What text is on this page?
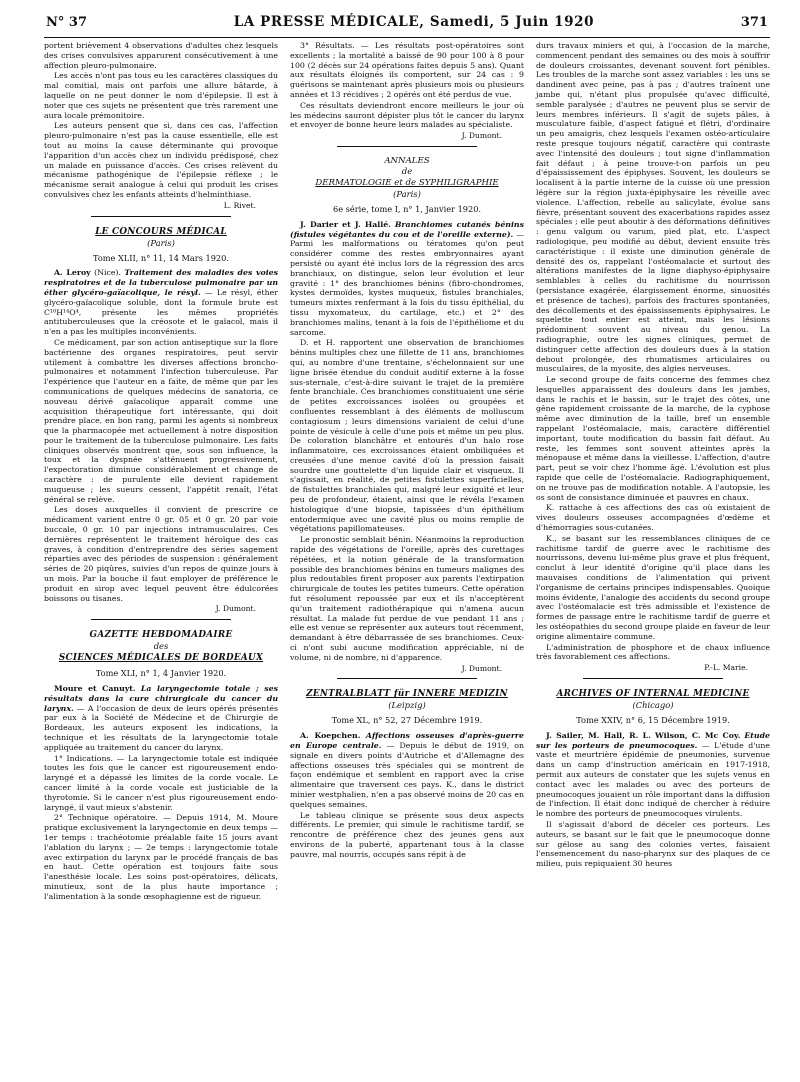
N° 37	LA PRESSE MÉDICALE, Samedi, 5 Juin 1920	371

portent brièvement 4 observations d'adultes chez lesquels des crises convulsives apparurent consécutivement à une affection pleuro-pulmonaire.

Les accès n'ont pas tous eu les caractères classiques du mal comitial, mais ont parfois une allure bâtarde, à laquelle on ne peut donner le nom d'épilepsie. Il est à noter que ces sujets ne présentent que très rarement une aura locale prémonitoire.

Les auteurs pensent que si, dans ces cas, l'affection pleuro-pulmonaire n'est pas la cause essentielle, elle est tout au moins la cause déterminante qui provoque l'apparition d'un accès chez un individu prédisposé, chez un malade en puissance d'accès. Ces crises relèvent du mécanisme pathogénique de l'épilepsie réflexe ; le mécanisme serait analogue à celui qui produit les crises convulsives chez les enfants atteints d'helminthiase.

L. Rivet.
LE CONCOURS MÉDICAL
(Paris)
Tome XLII, n° 11, 14 Mars 1920.

A. Leroy (Nice). Traitement des maladies des voies respiratoires et de la tuberculose pulmonaire par un éther glycéro-gaïacolique, le résyl. — Le résyl, éther glycéro-gaïacolique soluble, dont la formule brute est C¹⁰H¹⁴O⁴, présente les mêmes propriétés antituberculeuses que la créosote et le gaïacol, mais il n'en a pas les multiples inconvénients.

Ce médicament, par son action antiseptique sur la flore bactérienne des organes respiratoires, peut servir utilement à combattre les diverses affections broncho-pulmonaires et notamment l'infection tuberculeuse. Par l'expérience que l'auteur en a faite, de même que par les communications de quelques médecins de sanatoria, ce nouveau dérivé gaïacolique apparaît comme une acquisition thérapeutique fort intéressante, qui doit prendre place, en bon rang, parmi les agents si nombreux que la pharmacopée met actuellement à notre disposition pour le traitement de la tuberculose pulmonaire. Les faits cliniques observés montrent que, sous son influence, la toux et la dyspnée s'atténuent progressivement, l'expectoration diminue considérablement et change de caractère : de purulente elle devient rapidement muqueuse ; les sueurs cessent, l'appétit renaît, l'état général se relève.

Les doses auxquelles il convient de prescrire ce médicament varient entre 0 gr. 05 et 0 gr. 20 par voie buccale, 0 gr. 10 par injections intramusculaires. Ces dernières représentent le traitement héroïque des cas graves, à condition d'entreprendre des séries sagement réparties avec des périodes de suspension : généralement séries de 20 piqûres, suivies d'un repos de quinze jours à un mois. Par la bouche il faut employer de préférence le produit en sirop avec lequel peuvent être édulcorées boissons ou tisanes.

J. Dumont.
GAZETTE HEBDOMADAIRE
des
SCIENCES MÉDICALES DE BORDEAUX
Tome XLI, n° 1, 4 Janvier 1920.

Moure et Canuyt. La laryngectomie totale ; ses résultats dans la cure chirurgicale du cancer du larynx. — A l'occasion de deux de leurs opérés présentés par eux à la Société de Médecine et de Chirurgie de Bordeaux, les auteurs exposent les indications, la technique et les résultats de la laryngectomie totale appliquée au traitement du cancer du larynx.

1° Indications. — La laryngectomie totale est indiquée toutes les fois que le cancer est rigoureusement endo-laryngé et a dépassé les limites de la corde vocale. Le cancer limité à la corde vocale est justiciable de la thyrotomie. Si le cancer n'est plus rigoureusement endo-laryngé, il vaut mieux s'abstenir.

2° Technique opératoire. — Depuis 1914, M. Moure pratique exclusivement la laryngectomie en deux temps — 1er temps : trachéotomie préalable faite 15 jours avant l'ablation du larynx ; — 2e temps : laryngectomie totale avec extirpation du larynx par le procédé français de bas en haut. Cette opération est toujours faite sous l'anesthésie locale. Les soins post-opératoires, délicats, minutieux, sont de la plus haute importance ; l'alimentation à la sonde œsophagienne est de rigueur.

3° Résultats. — Les résultats post-opératoires sont excellents ; la mortalité a baissé de 90 pour 100 à 8 pour 100 (2 décès sur 24 opérations faites depuis 5 ans). Quant aux résultats éloignés ils comportent, sur 24 cas : 9 guérisons se maintenant après plusieurs mois ou plusieurs années et 13 récidives ; 2 opérés ont été perdus de vue.

Ces résultats deviendront encore meilleurs le jour où les médecins sauront dépister plus tôt le cancer du larynx et envoyer de bonne heure leurs malades au spécialiste.

J. Dumont.
ANNALES
de
DERMATOLOGIE et de SYPHILIGRAPHIE
(Paris)
6e série, tome I, n° 1, Janvier 1920.

J. Darier et J. Hallé. Branchiomes cutanés bénins (fistules végétantes du cou et de l'oreille externe). — Parmi les malformations ou tératomes qu'on peut considérer comme des restes embryonnaires ayant persisté ou ayant été inclus lors de la régression des arcs branchiaux, on distingue, selon leur évolution et leur gravité : 1° des branchiomes bénins (fibro-chondromes, kystes dermoïdes, kystes muqueux, fistules branchiales, tumeurs mixtes renfermant à la fois du tissu épithélial, du tissu myxomateux, du cartilage, etc.) et 2° des branchiomes malins, tenant à la fois de l'épithéliome et du sarcome.

D. et H. rapportent une observation de branchiomes bénins multiples chez une fillette de 11 ans, branchiomes qui, au nombre d'une trentaine, s'échelonnaient sur une ligne brisée étendue du conduit auditif externe à la fosse sus-sternale, c'est-à-dire suivant le trajet de la première fente branchiale. Ces branchiomes constituaient une série de petites excroissances isolées ou groupées et confluentes ressemblant à des éléments de molluscum contagiosum ; leurs dimensions variaient de celui d'une pointe de vésicule à celle d'une pois et même un peu plus. De coloration blanchâtre et entourés d'un halo rose inflammatoire, ces excroissances étaient ombiliquées et creusées d'une menue cavité d'où la pression faisait sourdre une gouttelette d'un liquide clair et visqueux. Il s'agissait, en réalité, de petites fistulettes superficielles, de fistulettes branchiales qui, malgré leur exiguïté et leur peu de profondeur, étaient, ainsi que le révéla l'examen histologique d'une biopsie, tapissées d'un épithélium entodermique avec une cavité plus ou moins remplie de végétations papillomateuses.

Le pronostic semblait bénin. Néanmoins la reproduction rapide des végétations de l'oreille, après des curettages répétées, et la notion générale de la transformation possible des branchiomes bénins en tumeurs malignes des plus redoutables firent proposer aux parents l'extirpation chirurgicale de toutes les petites tumeurs. Cette opération fut résolument repoussée par eux et ils n'acceptèrent qu'un traitement radiothérapique qui n'amena aucun résultat. La malade fut perdue de vue pendant 11 ans ; elle est venue se représenter aux auteurs tout récemment, demandant à être débarrassée de ses branchiomes. Ceux-ci n'ont subi aucune modification appréciable, ni de volume, ni de nombre, ni d'apparence.

J. Dumont.
ZENTRALBLATT für INNERE MEDIZIN
(Leipzig)
Tome XL, n° 52, 27 Décembre 1919.

A. Koepchen. Affections osseuses d'après-guerre en Europe centrale. — Depuis le début de 1919, on signale en divers points d'Autriche et d'Allemagne des affections osseuses très spéciales qui se montrent de façon endémique et semblent en rapport avec la crise alimentaire que traversent ces pays. K., dans le district minier westphalien, n'en a pas observé moins de 20 cas en quelques semaines.

Le tableau clinique se présente sous deux aspects différents. Le premier, qui simule le rachitisme tardif, se rencontre de préférence chez des jeunes gens aux environs de la puberté, appartenant tous à la classe pauvre, mal nourris, occupés sans répit à de

durs travaux miniers et qui, à l'occasion de la marche, commencent pendant des semaines ou des mois à souffrir de douleurs croissantes, devenant souvent fort pénibles. Les troubles de la marche sont assez variables : les uns se dandinent avec peine, pas à pas ; d'autres traînent une jambe qui, n'étant plus propulsée qu'avec difficulté, semble paralysée ; d'autres ne peuvent plus se servir de leurs membres inférieurs. Il s'agit de sujets pâles, à musculature faible, d'aspect fatigué et flétri, d'ordinaire un peu amaigris, chez lesquels l'examen ostéo-articulaire reste presque toujours négatif, caractère qui contraste avec l'intensité des douleurs ; tout signe d'inflammation fait défaut ; à peine trouve-t-on parfois un peu d'épaississement des épiphyses. Souvent, les douleurs se localisent à la partie interne de la cuisse où une pression légère sur la région juxta-épiphysaire les réveille avec violence. L'affection, rebelle au salicylate, évolue sans fièvre, présentant souvent des exacerbations rapides assez spéciales ; elle peut aboutir à des déformations définitives : genu valgum ou varum, pied plat, etc. L'aspect radiologique, peu modifié au début, devient ensuite très caractéristique : il existe une diminution générale de densité des os, rappelant l'ostéomalacie et surtout des altérations manifestes de la ligne diaphyso-épiphysaire semblables à celles du rachitisme du nourrisson (persistance exagérée, élargissement énorme, sinuosités et présence de taches), parfois des fractures spontanées, des décollements et des épaississements épiphysaires. Le squelette tout entier est atteint, mais les lésions prédominent souvent au niveau du genou. La radiographie, outre les signes cliniques, permet de distinguer cette affection des douleurs dues à la station debout prolongée, des rhumatismes articulaires ou musculaires, de la myosite, des algies nerveuses.

Le second groupe de faits concerne des femmes chez lesquelles apparaissent des douleurs dans les jambes, dans le rachis et le bassin, sur le trajet des côtes, une gêne rapidement croissante de la marche, de la cyphose même avec diminution de la taille, bref un ensemble rappelant l'ostéomalacie, mais, caractère différentiel important, toute modification du bassin fait défaut. Au reste, les femmes sont souvent atteintes après la ménopause et même dans la vieillesse. L'affection, d'autre part, peut se voir chez l'homme âgé. L'évolution est plus rapide que celle de l'ostéomalacie. Radiographiquement, on ne trouve pas de modification notable. A l'autopsie, les os sont de consistance diminuée et pauvres en chaux.

K. rattache à ces affections des cas où existaient de vives douleurs osseuses accompagnées d'œdème et d'hémorragies sous-cutanées.

K., se basant sur les ressemblances cliniques de ce rachitisme tardif de guerre avec le rachitisme des nourrissons, devenu lui-même plus grave et plus fréquent, conclut à leur identité d'origine qu'il place dans les mauvaises conditions de l'alimentation qui privent l'organisme de certains principes indispensables. Quoique moins évidente, l'analogie des accidents du second groupe avec l'ostéomalacie est très admissible et l'existence de formes de passage entre le rachitisme tardif de guerre et les ostéopathies du second groupe plaide en faveur de leur origine alimentaire commune.

L'administration de phosphore et de chaux influence très favorablement ces affections.

P.-L. Marie.
ARCHIVES OF INTERNAL MEDICINE
(Chicago)
Tome XXIV, n° 6, 15 Décembre 1919.

J. Sailer, M. Hall, R. L. Wilson, C. Mc Coy. Etude sur les porteurs de pneumocoques. — L'étude d'une vaste et meurtrière épidémie de pneumonies, survenue dans un camp d'instruction américain en 1917-1918, permit aux auteurs de constater que les sujets venus en contact avec les malades ou avec des porteurs de pneumocoques jouaient un rôle important dans la diffusion de l'infection. Il était donc indiqué de chercher à réduire le nombre des porteurs de pneumocoques virulents.

Il s'agissait d'abord de déceler ces porteurs. Les auteurs, se basant sur le fait que le pneumocoque donne sur gélose au sang des colonies vertes, faisaient l'ensemencement du naso-pharynx sur des plaques de ce milieu, puis repiquaient 30 heures
